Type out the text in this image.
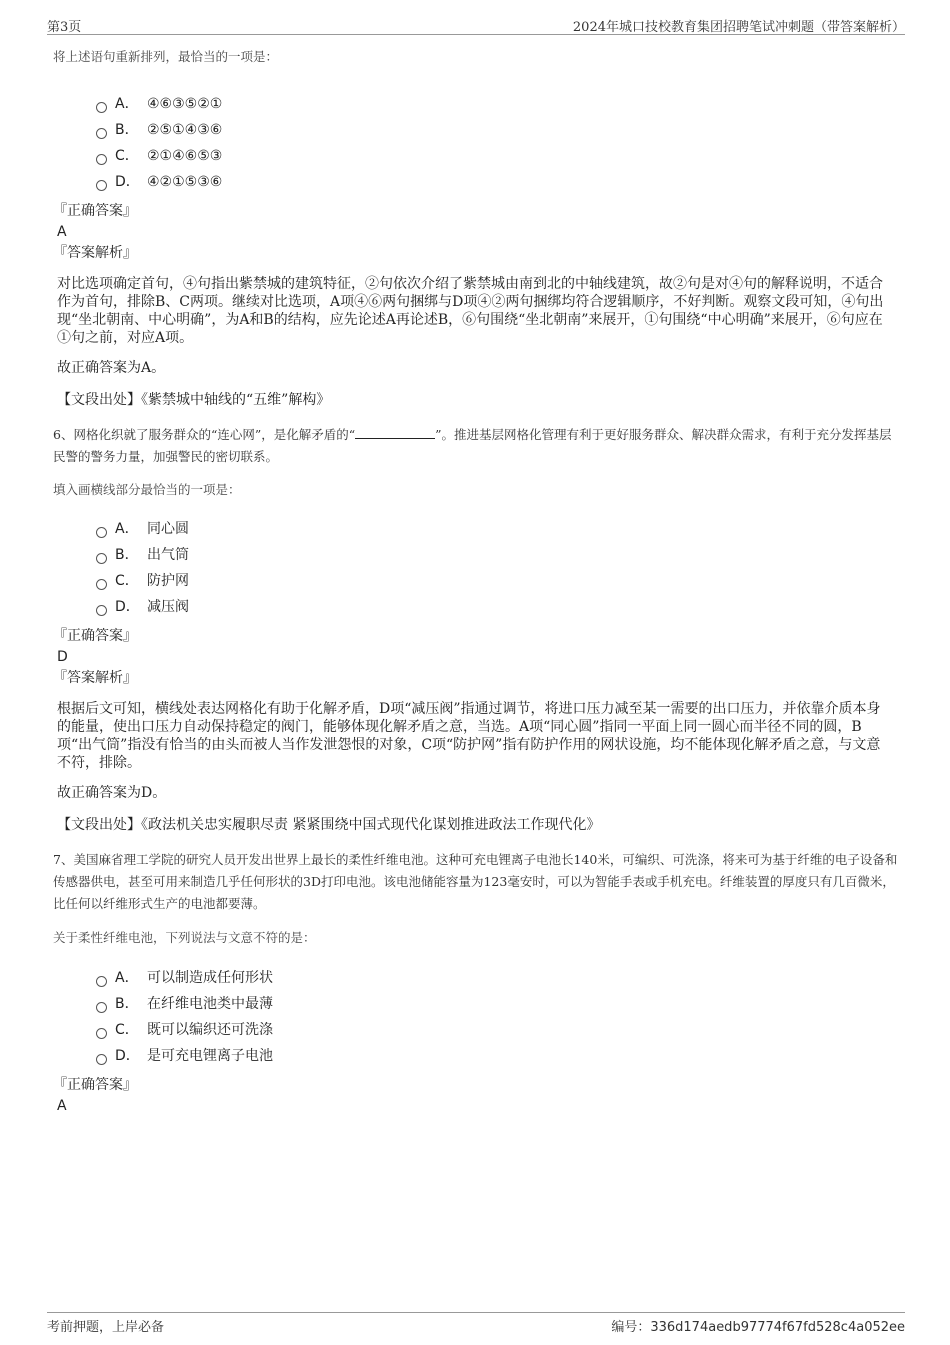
第3页	2024年城口技校教育集团招聘笔试冲刺题（带答案解析）

将上述语句重新排列，最恰当的一项是：

A． ④⑥③⑤②①
B． ②⑤①④③⑥
C． ②①④⑥⑤③
D． ④②①⑤③⑥

『正确答案』

A

『答案解析』

对比选项确定首句，④句指出紫禁城的建筑特征，②句依次介绍了紫禁城由南到北的中轴线建筑，故②句是对④句的解释说明，不适合作为首句，排除B、C两项。继续对比选项，A项④⑥两句捆绑与D项④②两句捆绑均符合逻辑顺序，不好判断。观察文段可知，④句出现“坐北朝南、中心明确”，为A和B的结构，应先论述A再论述B，⑥句围绕“坐北朝南”来展开，①句围绕“中心明确”来展开，⑥句应在①句之前，对应A项。

故正确答案为A。

【文段出处】《紫禁城中轴线的“五维”解构》

6、网格化织就了服务群众的“连心网”，是化解矛盾的“	”。推进基层网格化管理有利于更好服务群众、解决群众需求，有利于充分发挥基层民警的警务力量，加强警民的密切联系。

填入画横线部分最恰当的一项是：

A． 同心圆
B． 出气筒
C． 防护网
D． 减压阀

『正确答案』

D

『答案解析』

根据后文可知，横线处表达网格化有助于化解矛盾，D项“减压阀”指通过调节，将进口压力减至某一需要的出口压力，并依靠介质本身的能量，使出口压力自动保持稳定的阀门，能够体现化解矛盾之意，当选。A项“同心圆”指同一平面上同一圆心而半径不同的圆，B项“出气筒”指没有恰当的由头而被人当作发泄怨恨的对象，C项“防护网”指有防护作用的网状设施，均不能体现化解矛盾之意，与文意不符，排除。

故正确答案为D。

【文段出处】《政法机关忠实履职尽责 紧紧围绕中国式现代化谋划推进政法工作现代化》

7、美国麻省理工学院的研究人员开发出世界上最长的柔性纤维电池。这种可充电锂离子电池长140米，可编织、可洗涤，将来可为基于纤维的电子设备和传感器供电，甚至可用来制造几乎任何形状的3D打印电池。该电池储能容量为123毫安时，可以为智能手表或手机充电。纤维装置的厚度只有几百微米，比任何以纤维形式生产的电池都要薄。

关于柔性纤维电池，下列说法与文意不符的是：

A． 可以制造成任何形状
B． 在纤维电池类中最薄
C． 既可以编织还可洗涤
D． 是可充电锂离子电池

『正确答案』

A

考前押题，上岸必备	编号：336d174aedb97774f67fd528c4a052ee
